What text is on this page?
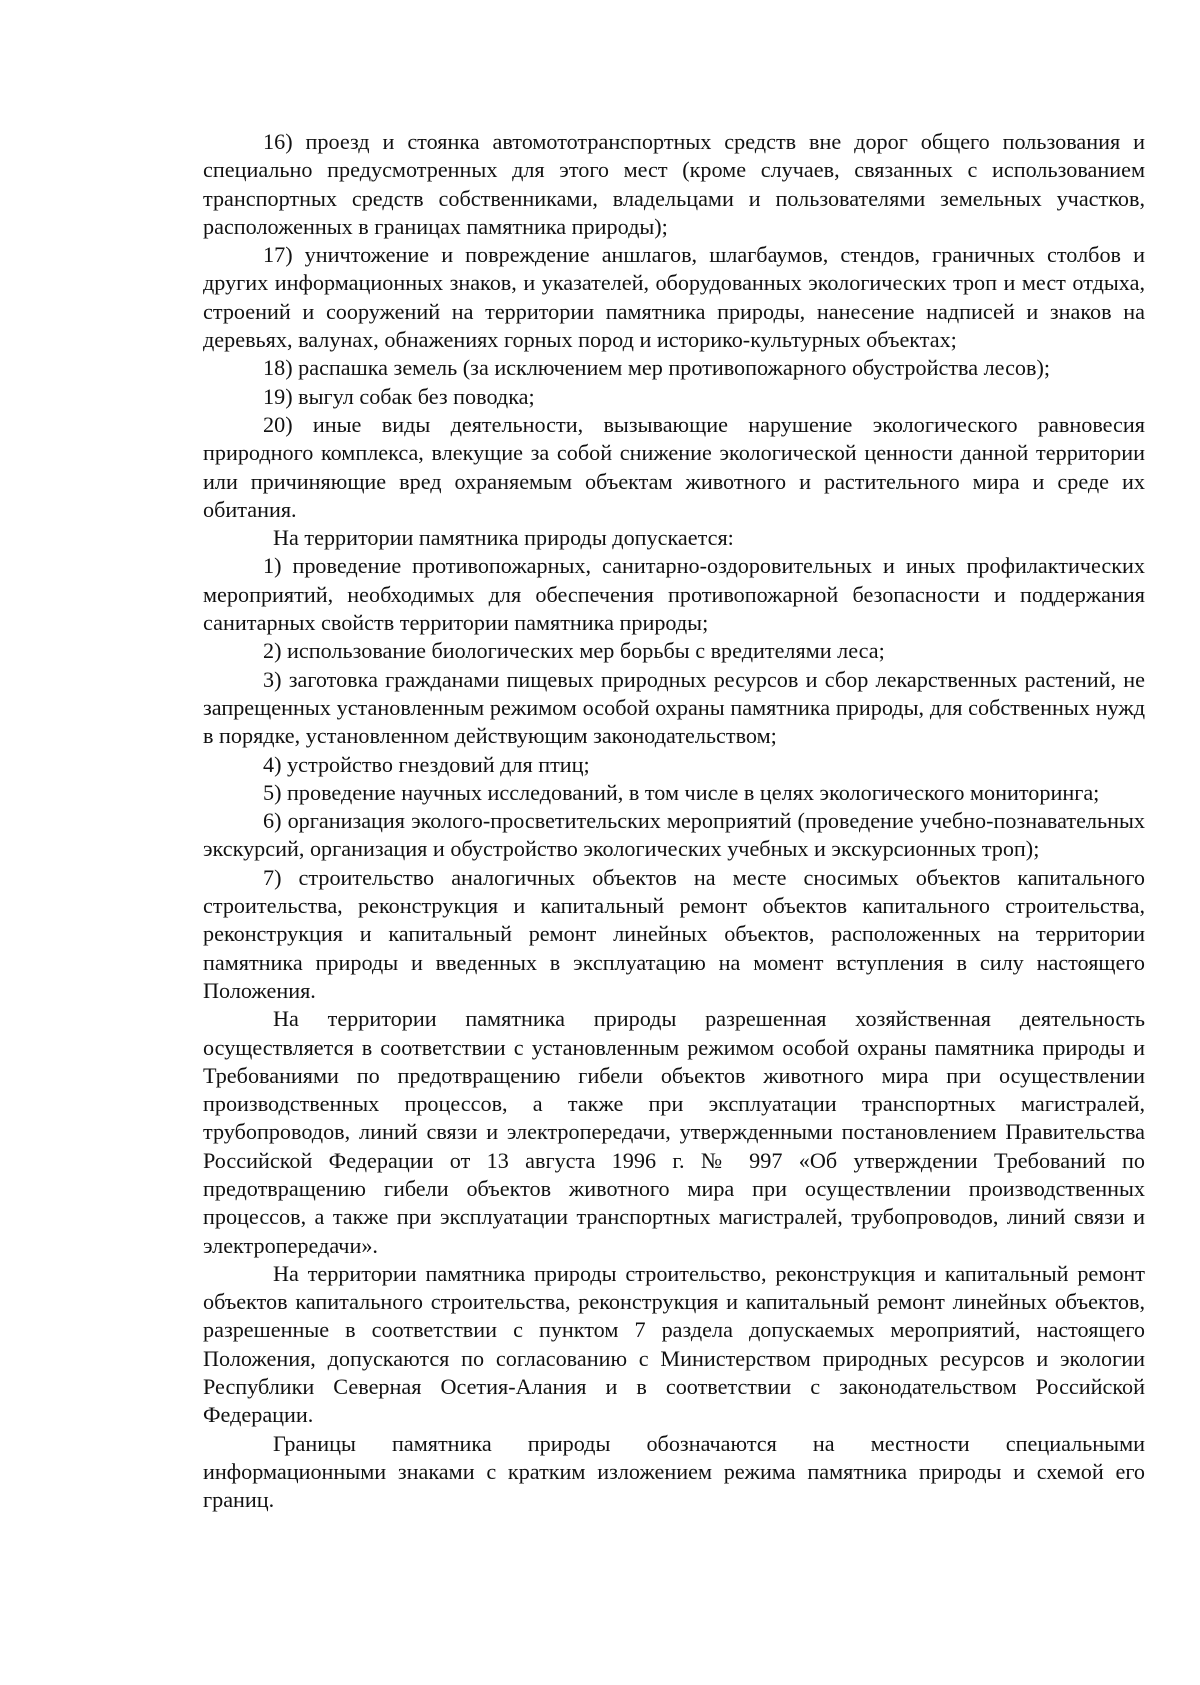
16) проезд и стоянка автомототранспортных средств вне дорог общего пользования и специально предусмотренных для этого мест (кроме случаев, связанных с использованием транспортных средств собственниками, владельцами и пользователями земельных участков, расположенных в границах памятника природы);

17) уничтожение и повреждение аншлагов, шлагбаумов, стендов, граничных столбов и других информационных знаков, и указателей, оборудованных экологических троп и мест отдыха, строений и сооружений на территории памятника природы, нанесение надписей и знаков на деревьях, валунах, обнажениях горных пород и историко-культурных объектах;

18) распашка земель (за исключением мер противопожарного обустройства лесов);

19) выгул собак без поводка;

20) иные виды деятельности, вызывающие нарушение экологического равновесия природного комплекса, влекущие за собой снижение экологической ценности данной территории или причиняющие вред охраняемым объектам животного и растительного мира и среде их обитания.

На территории памятника природы допускается:

1) проведение противопожарных, санитарно-оздоровительных и иных профилактических мероприятий, необходимых для обеспечения противопожарной безопасности и поддержания санитарных свойств территории памятника природы;

2) использование биологических мер борьбы с вредителями леса;

3) заготовка гражданами пищевых природных ресурсов и сбор лекарственных растений, не запрещенных установленным режимом особой охраны памятника природы, для собственных нужд в порядке, установленном действующим законодательством;

4) устройство гнездовий для птиц;

5) проведение научных исследований, в том числе в целях экологического мониторинга;

6) организация эколого-просветительских мероприятий (проведение учебно-познавательных экскурсий, организация и обустройство экологических учебных и экскурсионных троп);

7) строительство аналогичных объектов на месте сносимых объектов капитального строительства, реконструкция и капитальный ремонт объектов капитального строительства, реконструкция и капитальный ремонт линейных объектов, расположенных на территории памятника природы и введенных в эксплуатацию на момент вступления в силу настоящего Положения.

На территории памятника природы разрешенная хозяйственная деятельность осуществляется в соответствии с установленным режимом особой охраны памятника природы и Требованиями по предотвращению гибели объектов животного мира при осуществлении производственных процессов, а также при эксплуатации транспортных магистралей, трубопроводов, линий связи и электропередачи, утвержденными постановлением Правительства Российской Федерации от 13 августа 1996 г. № 997 «Об утверждении Требований по предотвращению гибели объектов животного мира при осуществлении производственных процессов, а также при эксплуатации транспортных магистралей, трубопроводов, линий связи и электропередачи».

На территории памятника природы строительство, реконструкция и капитальный ремонт объектов капитального строительства, реконструкция и капитальный ремонт линейных объектов, разрешенные в соответствии с пунктом 7 раздела допускаемых мероприятий, настоящего Положения, допускаются по согласованию с Министерством природных ресурсов и экологии Республики Северная Осетия-Алания и в соответствии с законодательством Российской Федерации.

Границы памятника природы обозначаются на местности специальными информационными знаками с кратким изложением режима памятника природы и схемой его границ.
